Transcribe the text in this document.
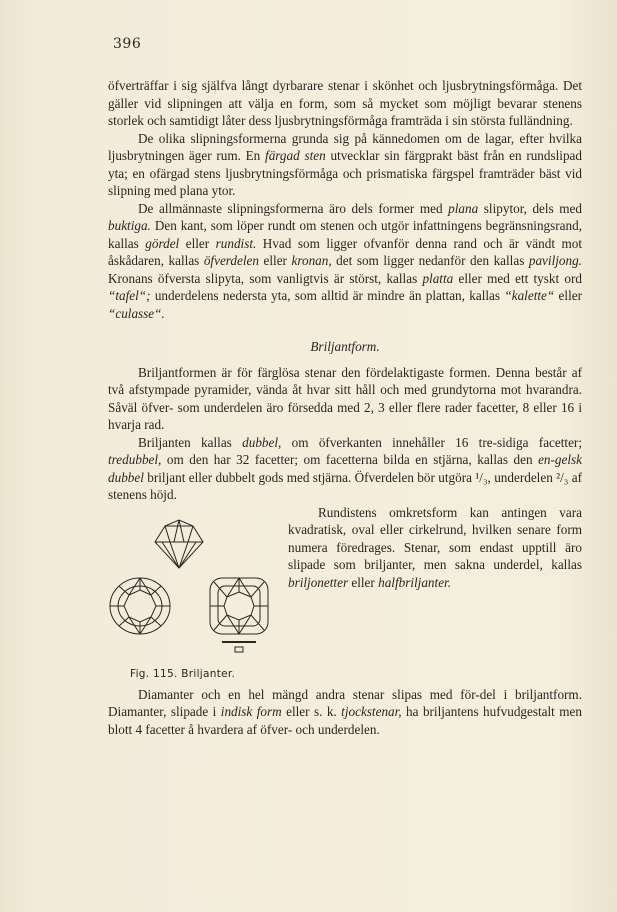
396

öfverträffar i sig själfva långt dyrbarare stenar i skönhet och ljusbrytningsförmåga. Det gäller vid slipningen att välja en form, som så mycket som möjligt bevarar stenens storlek och samtidigt låter dess ljusbrytningsförmåga framträda i sin största fulländning.

De olika slipningsformerna grunda sig på kännedomen om de lagar, efter hvilka ljusbrytningen äger rum. En färgad sten utvecklar sin färgprakt bäst från en rundslipad yta; en ofärgad stens ljusbrytningsförmåga och prismatiska färgspel framträder bäst vid slipning med plana ytor.

De allmännaste slipningsformerna äro dels former med plana slipytor, dels med buktiga. Den kant, som löper rundt om stenen och utgör infattningens begränsningsrand, kallas gördel eller rundist. Hvad som ligger ofvanför denna rand och är vändt mot åskådaren, kallas öfverdelen eller kronan, det som ligger nedanför den kallas paviljong. Kronans öfversta slipyta, som vanligtvis är störst, kallas platta eller med ett tyskt ord “tafel“; underdelens nedersta yta, som alltid är mindre än plattan, kallas “kalette“ eller “culasse“.

Briljantform.

Briljantformen är för färglösa stenar den fördelaktigaste formen. Denna består af två afstympade pyramider, vända åt hvar sitt håll och med grundytorna mot hvarandra. Såväl öfver- som underdelen äro försedda med 2, 3 eller flere rader facetter, 8 eller 16 i hvarja rad.

Briljanten kallas dubbel, om öfverkanten innehåller 16 tre-sidiga facetter; tredubbel, om den har 32 facetter; om facetterna bilda en stjärna, kallas den en-gelsk dubbel briljant eller dubbelt gods med stjärna. Öfverdelen bör utgöra ¹/₃, underdelen ²/₃ af stenens höjd.

Fig. 115. Briljanter.

Rundistens omkretsform kan antingen vara kvadratisk, oval eller cirkelrund, hvilken senare form numera föredrages. Stenar, som endast upptill äro slipade som briljanter, men sakna underdel, kallas briljonetter eller halfbriljanter.

Diamanter och en hel mängd andra stenar slipas med för-del i briljantform. Diamanter, slipade i indisk form eller s. k. tjockstenar, ha briljantens hufvudgestalt men blott 4 facetter å hvardera af öfver- och underdelen.
